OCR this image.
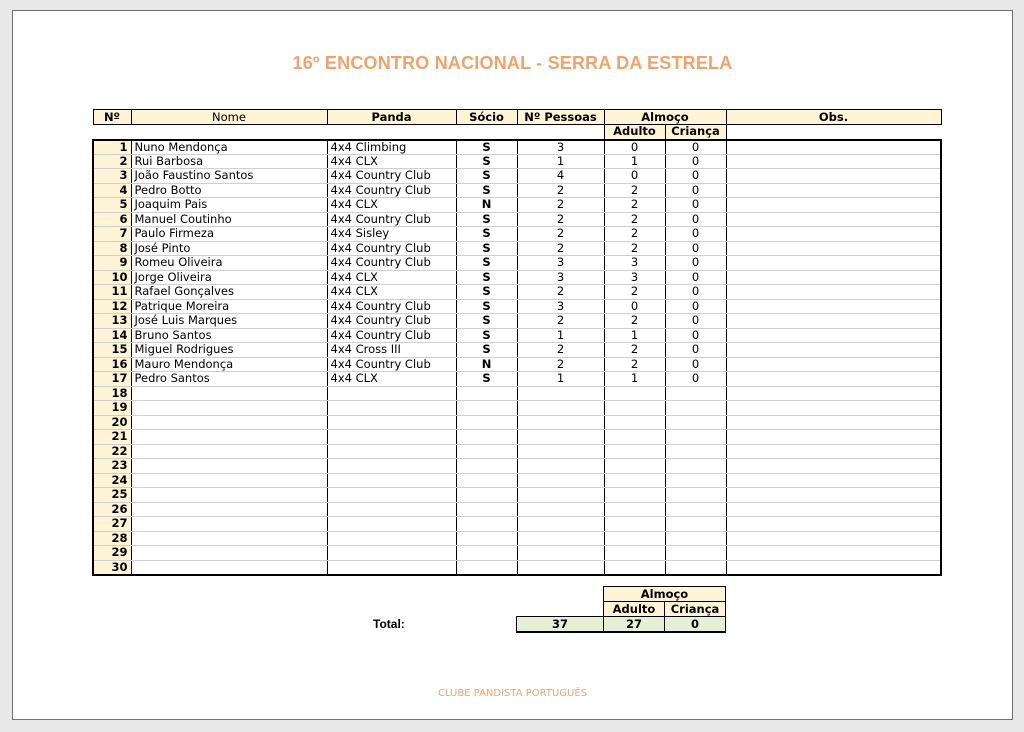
16º ENCONTRO NACIONAL - SERRA DA ESTRELA
Nº	Nome	Panda	Sócio	Nº Pessoas	Almoço		Obs.
					Adulto	Criança	
1	Nuno Mendonça	4x4 Climbing	S	3	0	0	
2	Rui Barbosa	4x4 CLX	S	1	1	0	
3	João Faustino Santos	4x4 Country Club	S	4	0	0	
4	Pedro Botto	4x4 Country Club	S	2	2	0	
5	Joaquim Pais	4x4 CLX	N	2	2	0	
6	Manuel Coutinho	4x4 Country Club	S	2	2	0	
7	Paulo Firmeza	4x4 Sisley	S	2	2	0	
8	José Pinto	4x4 Country Club	S	2	2	0	
9	Romeu Oliveira	4x4 Country Club	S	3	3	0	
10	Jorge Oliveira	4x4 CLX	S	3	3	0	
11	Rafael Gonçalves	4x4 CLX	S	2	2	0	
12	Patrique Moreira	4x4 Country Club	S	3	0	0	
13	José Luis Marques	4x4 Country Club	S	2	2	0	
14	Bruno Santos	4x4 Country Club	S	1	1	0	
15	Miguel Rodrigues	4x4 Cross III	S	2	2	0	
16	Mauro Mendonça	4x4 Country Club	N	2	2	0	
17	Pedro Santos	4x4 CLX	S	1	1	0	
18							
19							
20							
21							
22							
23							
24							
25							
26							
27							
28							
29							
30							
Total:
	Almoço	
	Adulto	Criança
37	27	0
CLUBE PANDISTA PORTUGUÊS
